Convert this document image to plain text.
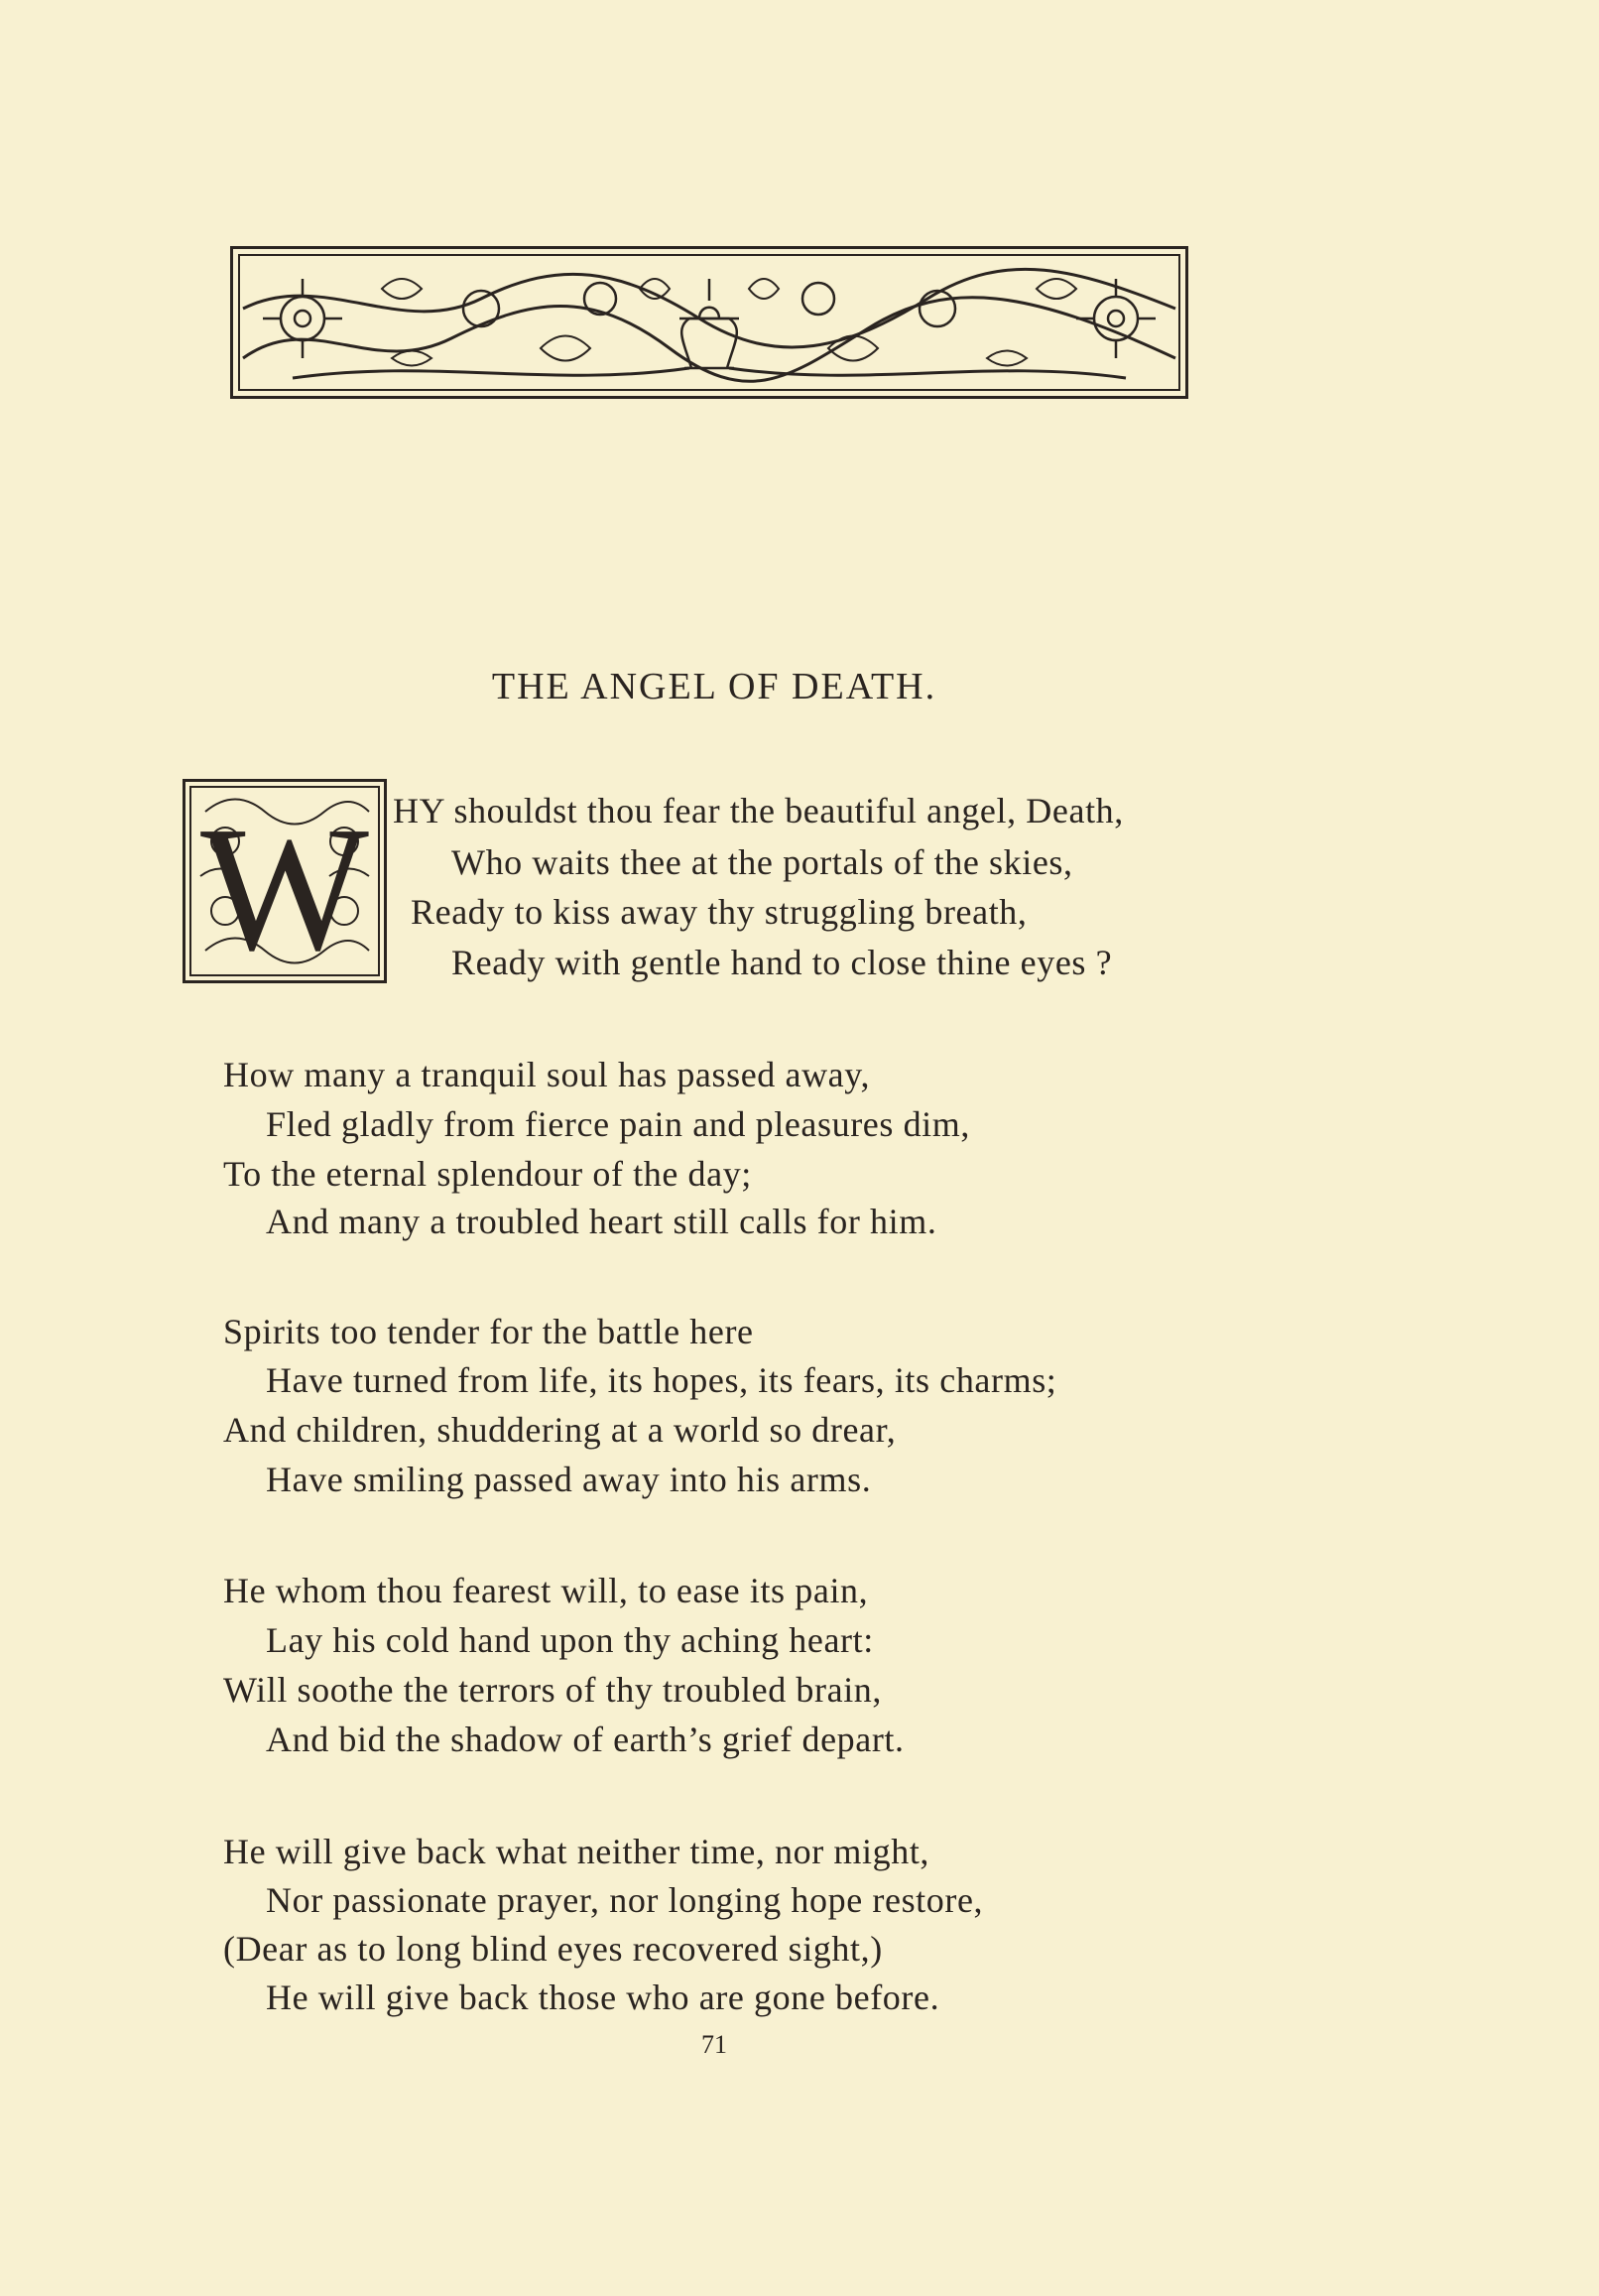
THE ANGEL OF DEATH.
W HY shouldst thou fear the beautiful angel, Death,
Who waits thee at the portals of the skies,
Ready to kiss away thy struggling breath,
Ready with gentle hand to close thine eyes ?
How many a tranquil soul has passed away,
Fled gladly from fierce pain and pleasures dim,
To the eternal splendour of the day;
And many a troubled heart still calls for him.
Spirits too tender for the battle here
Have turned from life, its hopes, its fears, its charms;
And children, shuddering at a world so drear,
Have smiling passed away into his arms.
He whom thou fearest will, to ease its pain,
Lay his cold hand upon thy aching heart:
Will soothe the terrors of thy troubled brain,
And bid the shadow of earth’s grief depart.
He will give back what neither time, nor might,
Nor passionate prayer, nor longing hope restore,
(Dear as to long blind eyes recovered sight,)
He will give back those who are gone before.
71
